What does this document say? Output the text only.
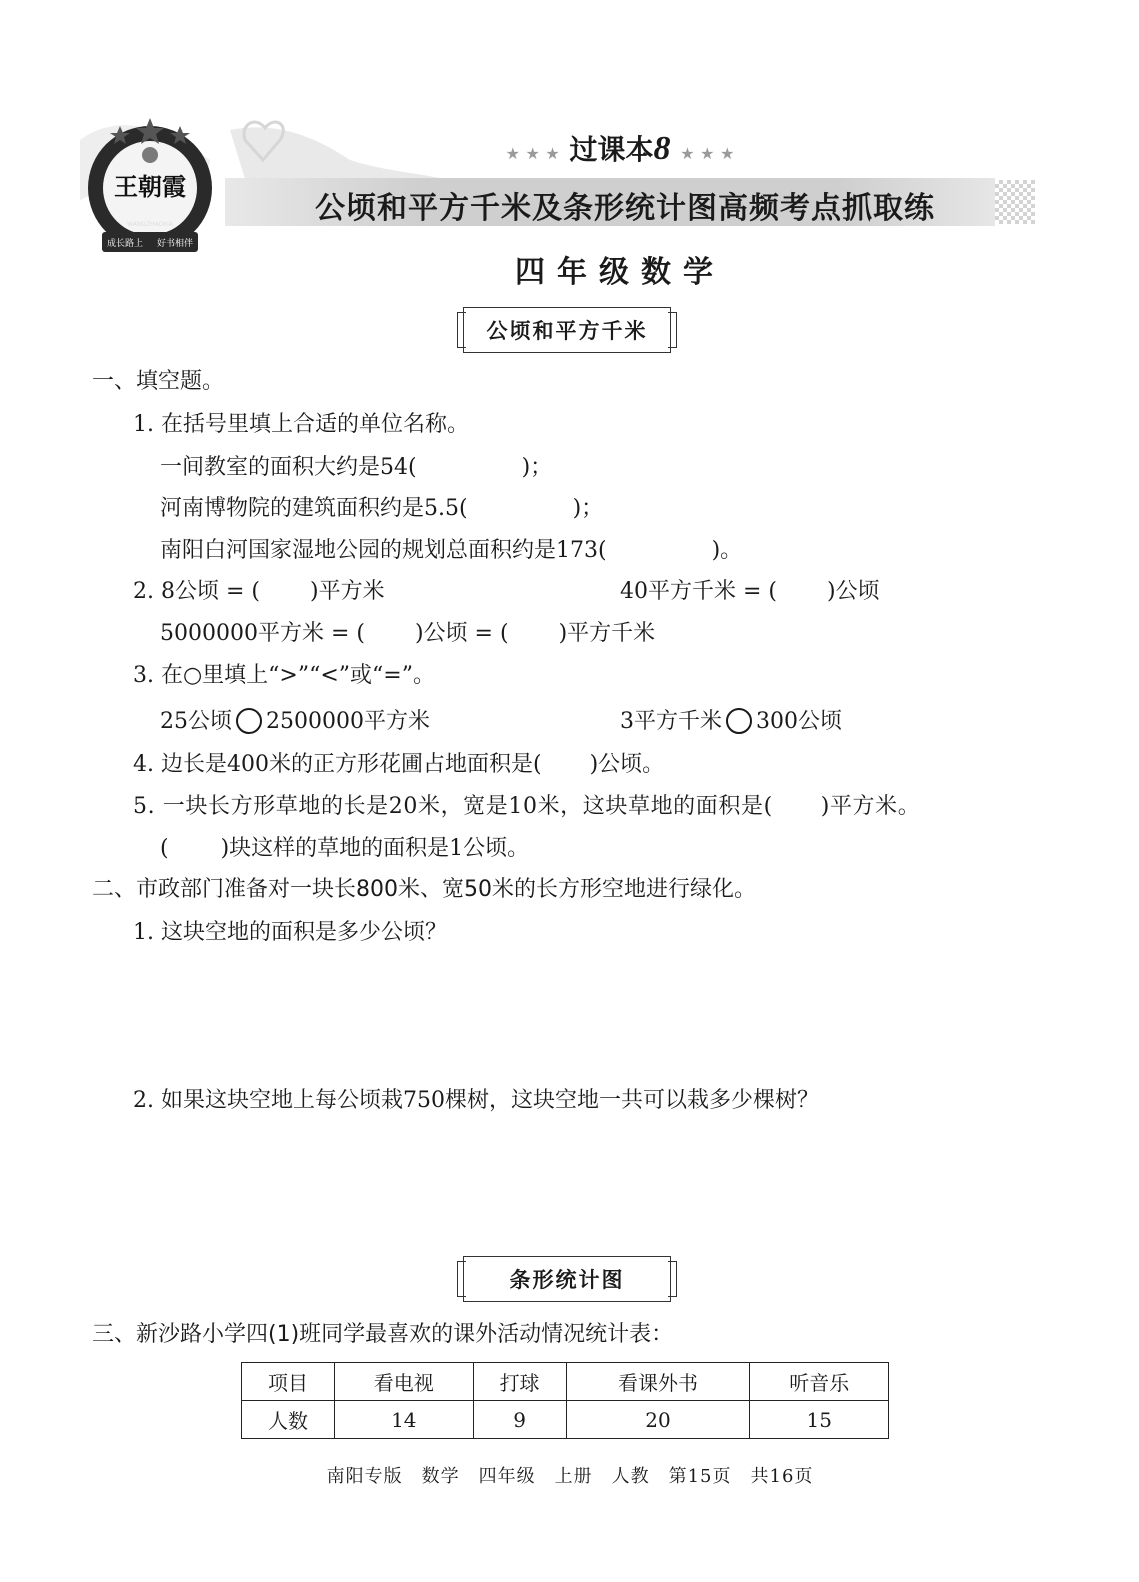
王朝霞
WANGZHAOXIA
成长路上 好书相伴
★ ★ ★ 过课本8 ★ ★ ★
公顷和平方千米及条形统计图高频考点抓取练
四年级数学
公顷和平方千米
一、填空题。
1. 在括号里填上合适的单位名称。
一间教室的面积大约是54(	)；
河南博物院的建筑面积约是5.5(	)；
南阳白河国家湿地公园的规划总面积约是173(	)。
2. 8公顷 = ( )平方米	40平方千米 = ( )公顷
5000000平方米 = ( )公顷 = ( )平方千米
3. 在○里填上“>”“<”或“=”。
25公顷 2500000平方米	3平方千米 300公顷
4. 边长是400米的正方形花圃占地面积是( )公顷。
5. 一块长方形草地的长是20米，宽是10米，这块草地的面积是( )平方米。
( )块这样的草地的面积是1公顷。
二、市政部门准备对一块长800米、宽50米的长方形空地进行绿化。
1. 这块空地的面积是多少公顷？
2. 如果这块空地上每公顷栽750棵树，这块空地一共可以栽多少棵树？
条形统计图
三、新沙路小学四(1)班同学最喜欢的课外活动情况统计表：
项目	看电视	打球	看课外书	听音乐
人数	14	9	20	15
南阳专版　数学　四年级　上册　人教　第15页　共16页
